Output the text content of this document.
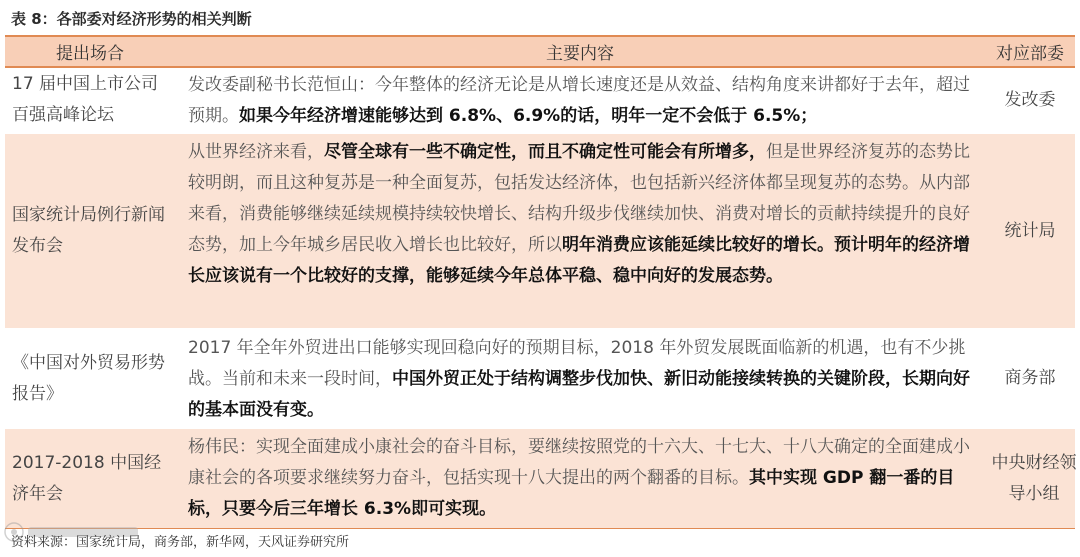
表 8：各部委对经济形势的相关判断
提出场合	主要内容	对应部委
17 届中国上市公司百强高峰论坛
发改委副秘书长范恒山：今年整体的经济无论是从增长速度还是从效益、结构角度来讲都好于去年，超过预期。如果今年经济增速能够达到 6.8%、6.9%的话，明年一定不会低于 6.5%；
发改委
国家统计局例行新闻发布会
从世界经济来看，尽管全球有一些不确定性，而且不确定性可能会有所增多，但是世界经济复苏的态势比较明朗，而且这种复苏是一种全面复苏，包括发达经济体，也包括新兴经济体都呈现复苏的态势。从内部来看，消费能够继续延续规模持续较快增长、结构升级步伐继续加快、消费对增长的贡献持续提升的良好态势，加上今年城乡居民收入增长也比较好，所以明年消费应该能延续比较好的增长。预计明年的经济增长应该说有一个比较好的支撑，能够延续今年总体平稳、稳中向好的发展态势。
统计局
《中国对外贸易形势报告》
2017 年全年外贸进出口能够实现回稳向好的预期目标，2018 年外贸发展既面临新的机遇，也有不少挑战。当前和未来一段时间，中国外贸正处于结构调整步伐加快、新旧动能接续转换的关键阶段，长期向好的基本面没有变。
商务部
2017-2018 中国经济年会
杨伟民：实现全面建成小康社会的奋斗目标，要继续按照党的十六大、十七大、十八大确定的全面建成小康社会的各项要求继续努力奋斗，包括实现十八大提出的两个翻番的目标。其中实现 GDP 翻一番的目标，只要今后三年增长 6.3%即可实现。
中央财经领导小组
资料来源：国家统计局，商务部，新华网，天风证券研究所
